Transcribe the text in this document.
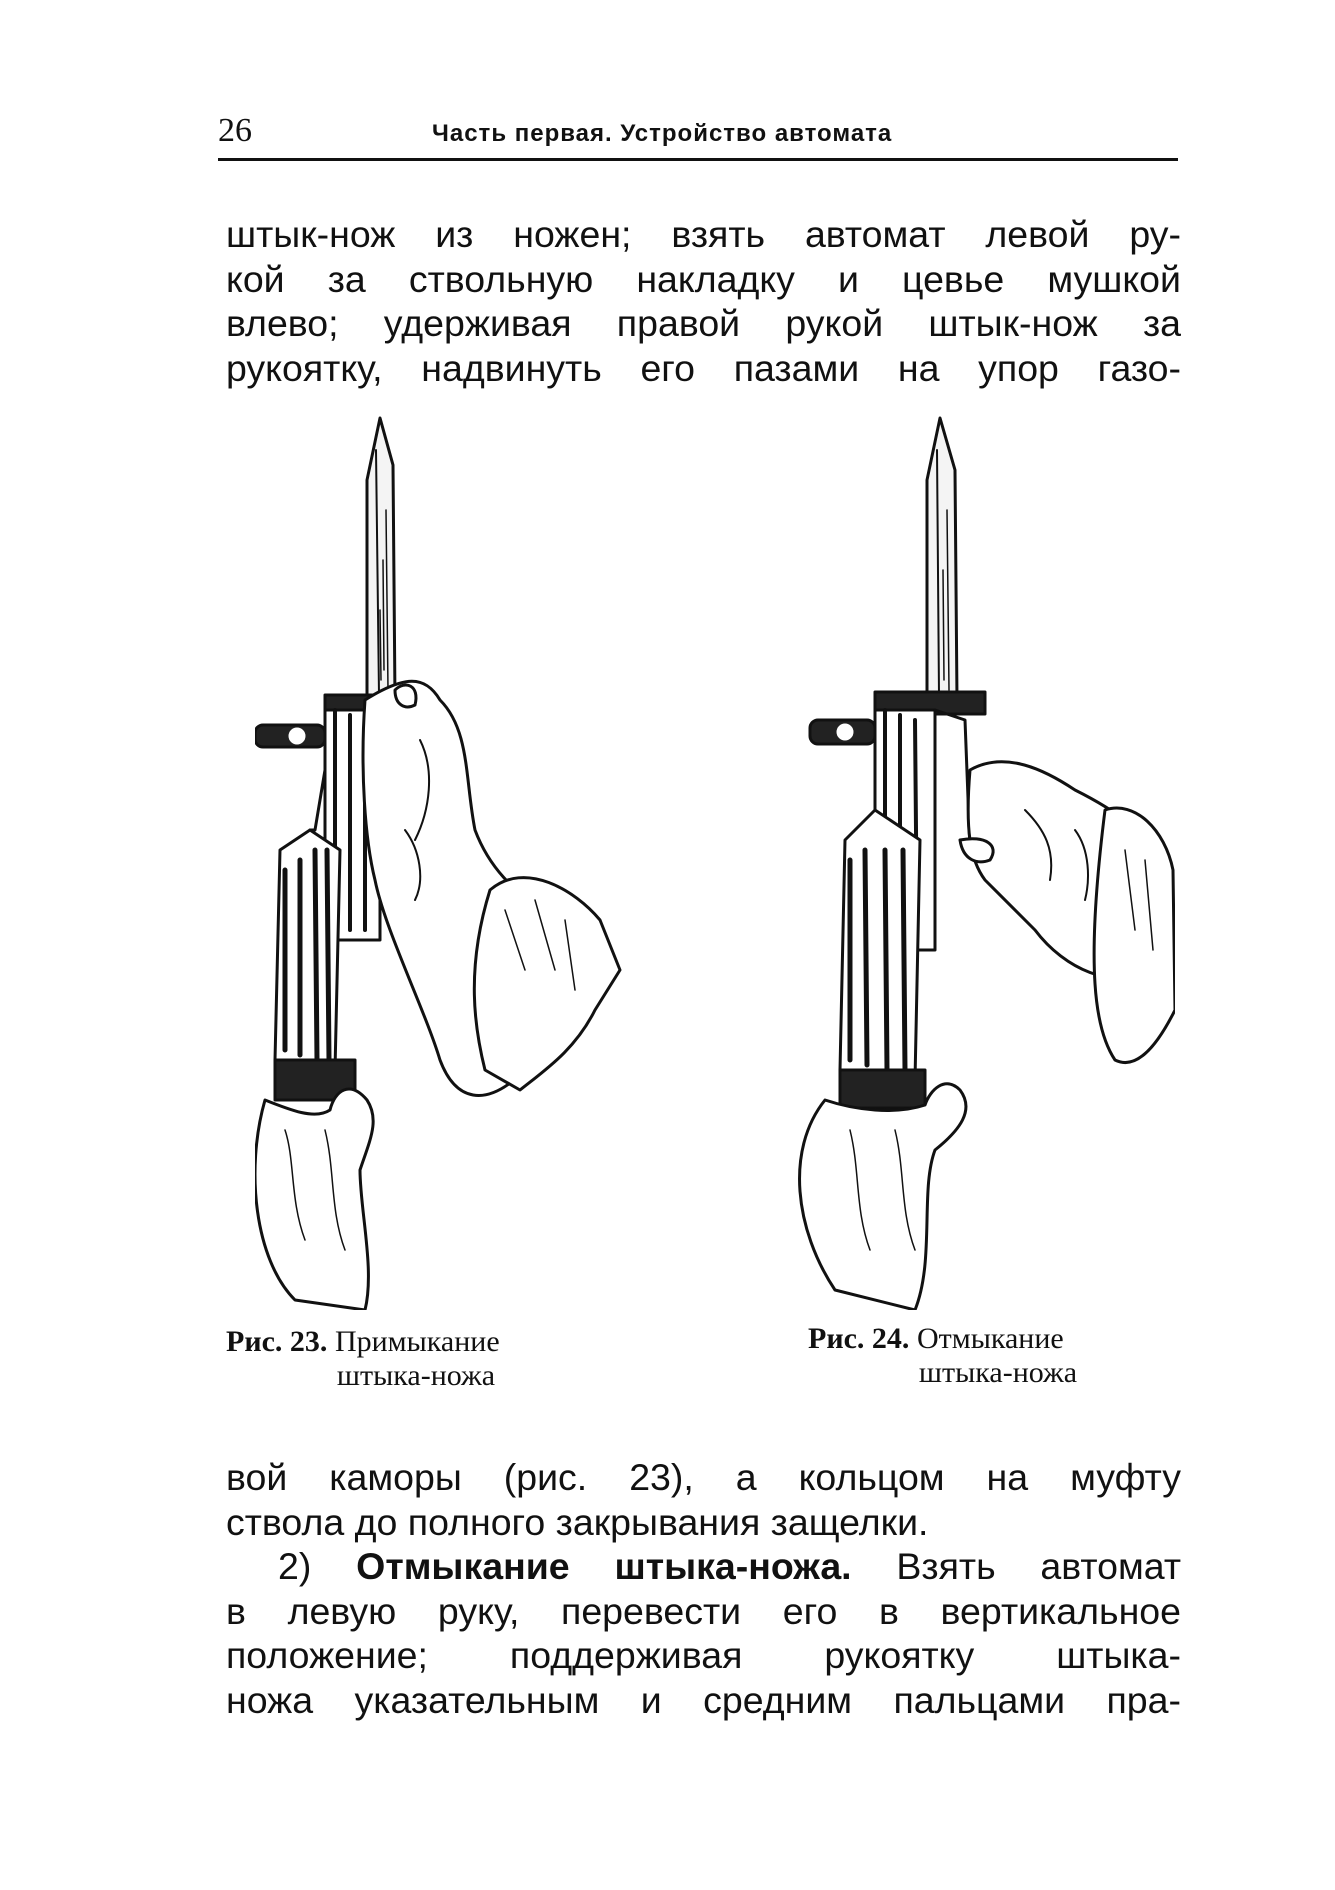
26	Часть первая. Устройство автомата
штык-нож из ножен; взять автомат левой ру-
кой за ствольную накладку и цевье мушкой
влево; удерживая правой рукой штык-нож за
рукоятку, надвинуть его пазами на упор газо-
Рис. 23. Примыкание
штыка-ножа
Рис. 24. Отмыкание
штыка-ножа
вой каморы (рис. 23), а кольцом на муфту
ствола до полного закрывания защелки.
2) Отмыкание штыка-ножа. Взять автомат
в левую руку, перевести его в вертикальное
положение; поддерживая рукоятку штыка-
ножа указательным и средним пальцами пра-
